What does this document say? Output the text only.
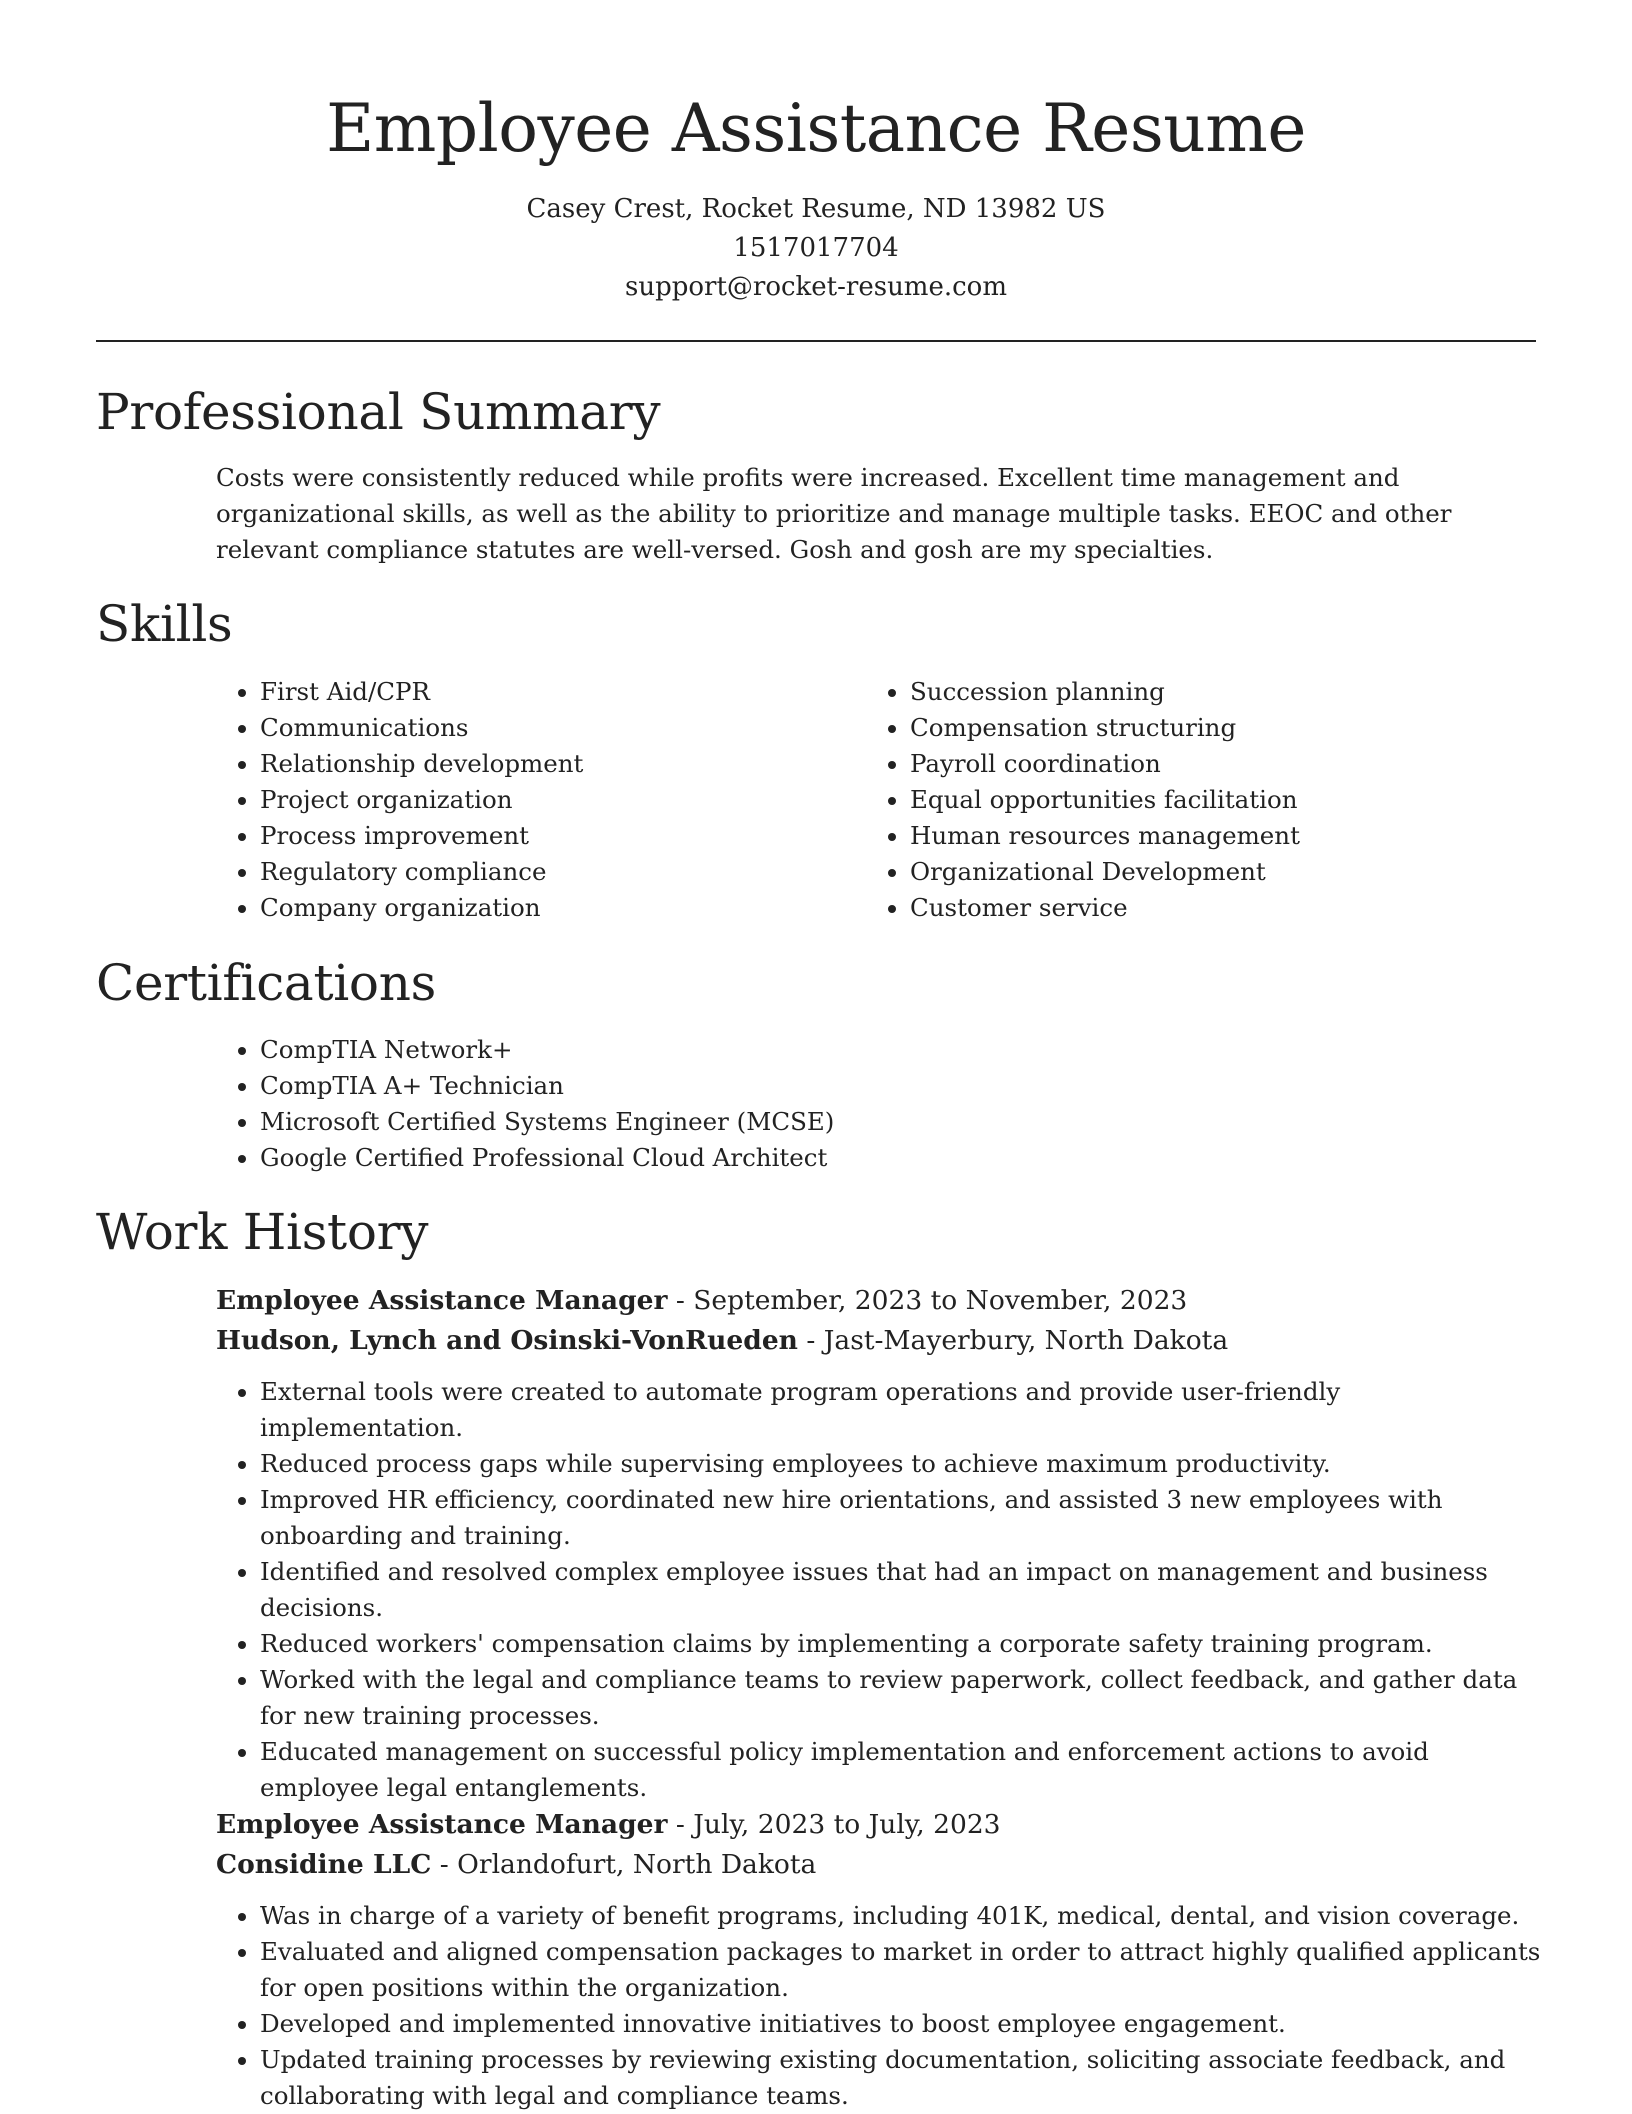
Employee Assistance Resume
Casey Crest, Rocket Resume, ND 13982 US
1517017704
support@rocket-resume.com
Professional Summary

Costs were consistently reduced while profits were increased. Excellent time management and organizational skills, as well as the ability to prioritize and manage multiple tasks. EEOC and other relevant compliance statutes are well-versed. Gosh and gosh are my specialties.

Skills
• First Aid/CPR
• Communications
• Relationship development
• Project organization
• Process improvement
• Regulatory compliance
• Company organization
• Succession planning
• Compensation structuring
• Payroll coordination
• Equal opportunities facilitation
• Human resources management
• Organizational Development
• Customer service
Certifications
• CompTIA Network+
• CompTIA A+ Technician
• Microsoft Certified Systems Engineer (MCSE)
• Google Certified Professional Cloud Architect
Work History
Employee Assistance Manager - September, 2023 to November, 2023
Hudson, Lynch and Osinski-VonRueden - Jast-Mayerbury, North Dakota
• External tools were created to automate program operations and provide user-friendly implementation.
• Reduced process gaps while supervising employees to achieve maximum productivity.
• Improved HR efficiency, coordinated new hire orientations, and assisted 3 new employees with onboarding and training.
• Identified and resolved complex employee issues that had an impact on management and business decisions.
• Reduced workers' compensation claims by implementing a corporate safety training program.
• Worked with the legal and compliance teams to review paperwork, collect feedback, and gather data for new training processes.
• Educated management on successful policy implementation and enforcement actions to avoid employee legal entanglements.
Employee Assistance Manager - July, 2023 to July, 2023
Considine LLC - Orlandofurt, North Dakota
• Was in charge of a variety of benefit programs, including 401K, medical, dental, and vision coverage.
• Evaluated and aligned compensation packages to market in order to attract highly qualified applicants for open positions within the organization.
• Developed and implemented innovative initiatives to boost employee engagement.
• Updated training processes by reviewing existing documentation, soliciting associate feedback, and collaborating with legal and compliance teams.
